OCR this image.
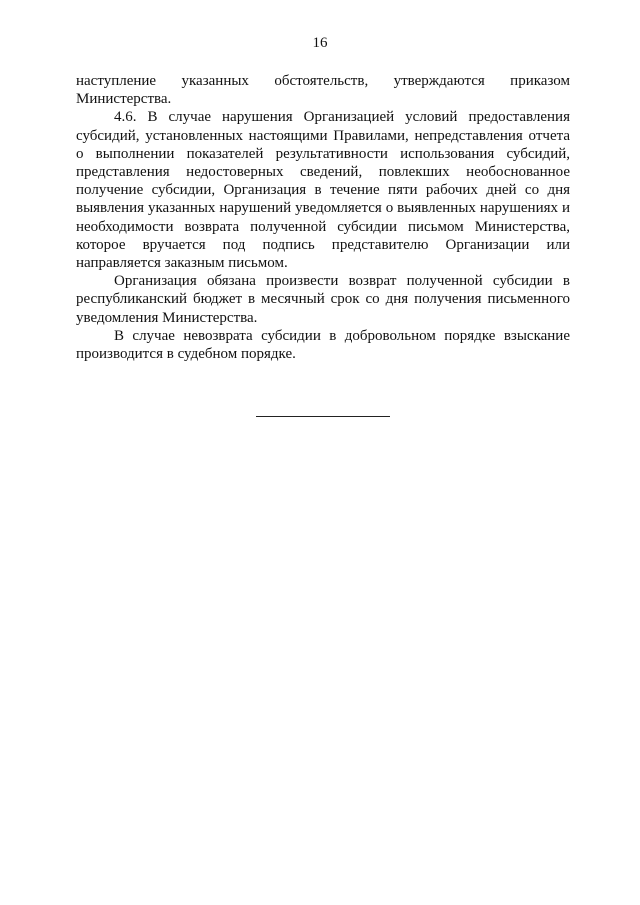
16

наступление указанных обстоятельств, утверждаются приказом
Министерства.

4.6. В случае нарушения Организацией условий предоставления субсидий, установленных настоящими Правилами, непредставления отчета о выполнении показателей результативности использования субсидий, представления недостоверных сведений, повлекших необоснованное получение субсидии, Организация в течение пяти рабочих дней со дня выявления указанных нарушений уведомляется о выявленных нарушениях и необходимости возврата полученной субсидии письмом Министерства, которое вручается под подпись представителю Организации или направляется заказным письмом.

Организация обязана произвести возврат полученной субсидии в республиканский бюджет в месячный срок со дня получения письменного уведомления Министерства.

В случае невозврата субсидии в добровольном порядке взыскание производится в судебном порядке.
